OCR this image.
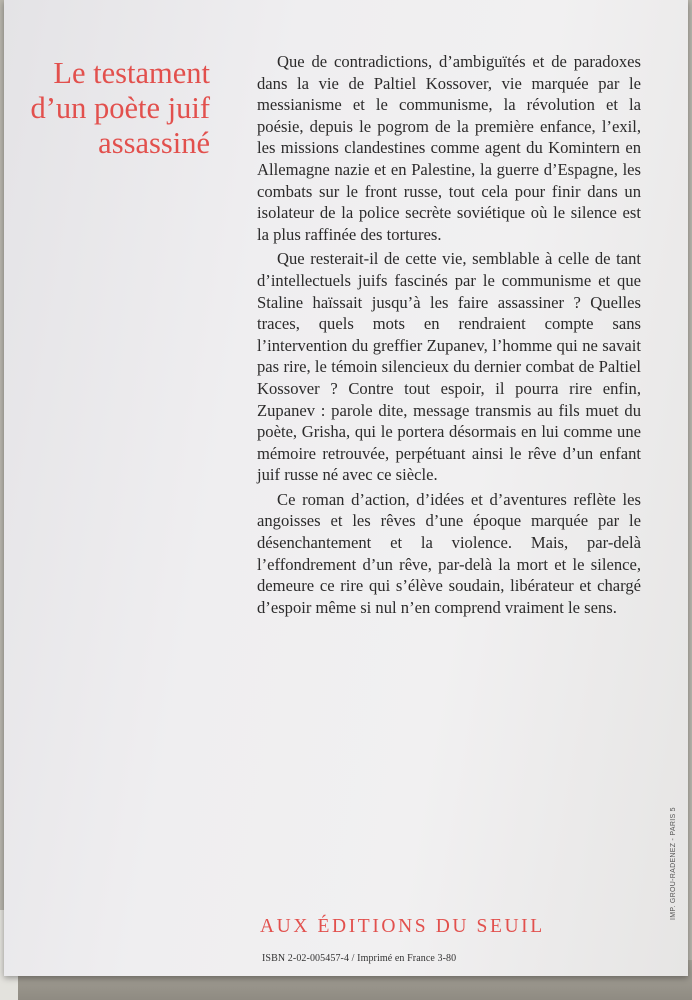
Le testament
d’un poète juif
assassiné

Que de contradictions, d’ambiguïtés et de paradoxes dans la vie de Paltiel Kossover, vie marquée par le messianisme et le communisme, la révolution et la poésie, depuis le pogrom de la première enfance, l’exil, les missions clandestines comme agent du Komintern en Allemagne nazie et en Palestine, la guerre d’Espagne, les combats sur le front russe, tout cela pour finir dans un isolateur de la police secrète soviétique où le silence est la plus raffinée des tortures.

Que resterait-il de cette vie, semblable à celle de tant d’intellectuels juifs fascinés par le communisme et que Staline haïssait jusqu’à les faire assassiner ? Quelles traces, quels mots en rendraient compte sans l’intervention du greffier Zupanev, l’homme qui ne savait pas rire, le témoin silencieux du dernier combat de Paltiel Kossover ? Contre tout espoir, il pourra rire enfin, Zupanev : parole dite, message transmis au fils muet du poète, Grisha, qui le portera désormais en lui comme une mémoire retrouvée, perpétuant ainsi le rêve d’un enfant juif russe né avec ce siècle.

Ce roman d’action, d’idées et d’aventures reflète les angoisses et les rêves d’une époque marquée par le désenchantement et la violence. Mais, par-delà l’effondrement d’un rêve, par-delà la mort et le silence, demeure ce rire qui s’élève soudain, libérateur et chargé d’espoir même si nul n’en comprend vraiment le sens.

IMP. GROU-RADENEZ - PARIS 5
AUX ÉDITIONS DU SEUIL
ISBN 2-02-005457-4 / Imprimé en France 3-80
